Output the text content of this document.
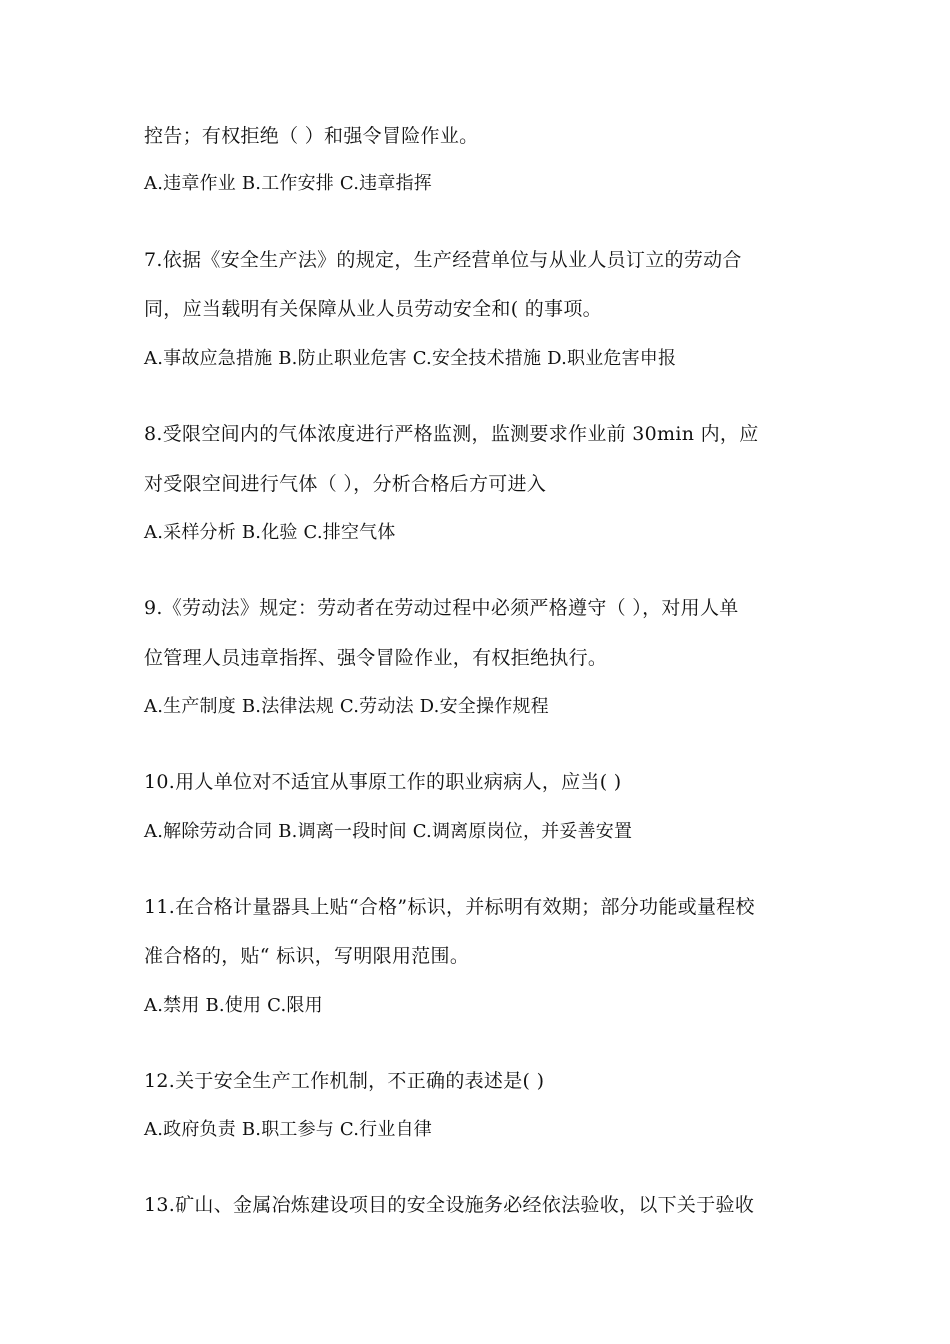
控告；有权拒绝（ ）和强令冒险作业。
A.违章作业 B.工作安排 C.违章指挥
7.依据《安全生产法》的规定，生产经营单位与从业人员订立的劳动合
同，应当载明有关保障从业人员劳动安全和( 的事项。
A.事故应急措施 B.防止职业危害 C.安全技术措施 D.职业危害申报
8.受限空间内的气体浓度进行严格监测，监测要求作业前 30min 内，应
对受限空间进行气体（ ），分析合格后方可进入
A.采样分析 B.化验 C.排空气体
9.《劳动法》规定：劳动者在劳动过程中必须严格遵守（ ），对用人单
位管理人员违章指挥、强令冒险作业，有权拒绝执行。
A.生产制度 B.法律法规 C.劳动法 D.安全操作规程
10.用人单位对不适宜从事原工作的职业病病人，应当( )
A.解除劳动合同 B.调离一段时间 C.调离原岗位，并妥善安置
11.在合格计量器具上贴“合格”标识，并标明有效期；部分功能或量程校
准合格的，贴“ 标识，写明限用范围。
A.禁用 B.使用 C.限用
12.关于安全生产工作机制，不正确的表述是( )
A.政府负责 B.职工参与 C.行业自律
13.矿山、金属冶炼建设项目的安全设施务必经依法验收，以下关于验收
